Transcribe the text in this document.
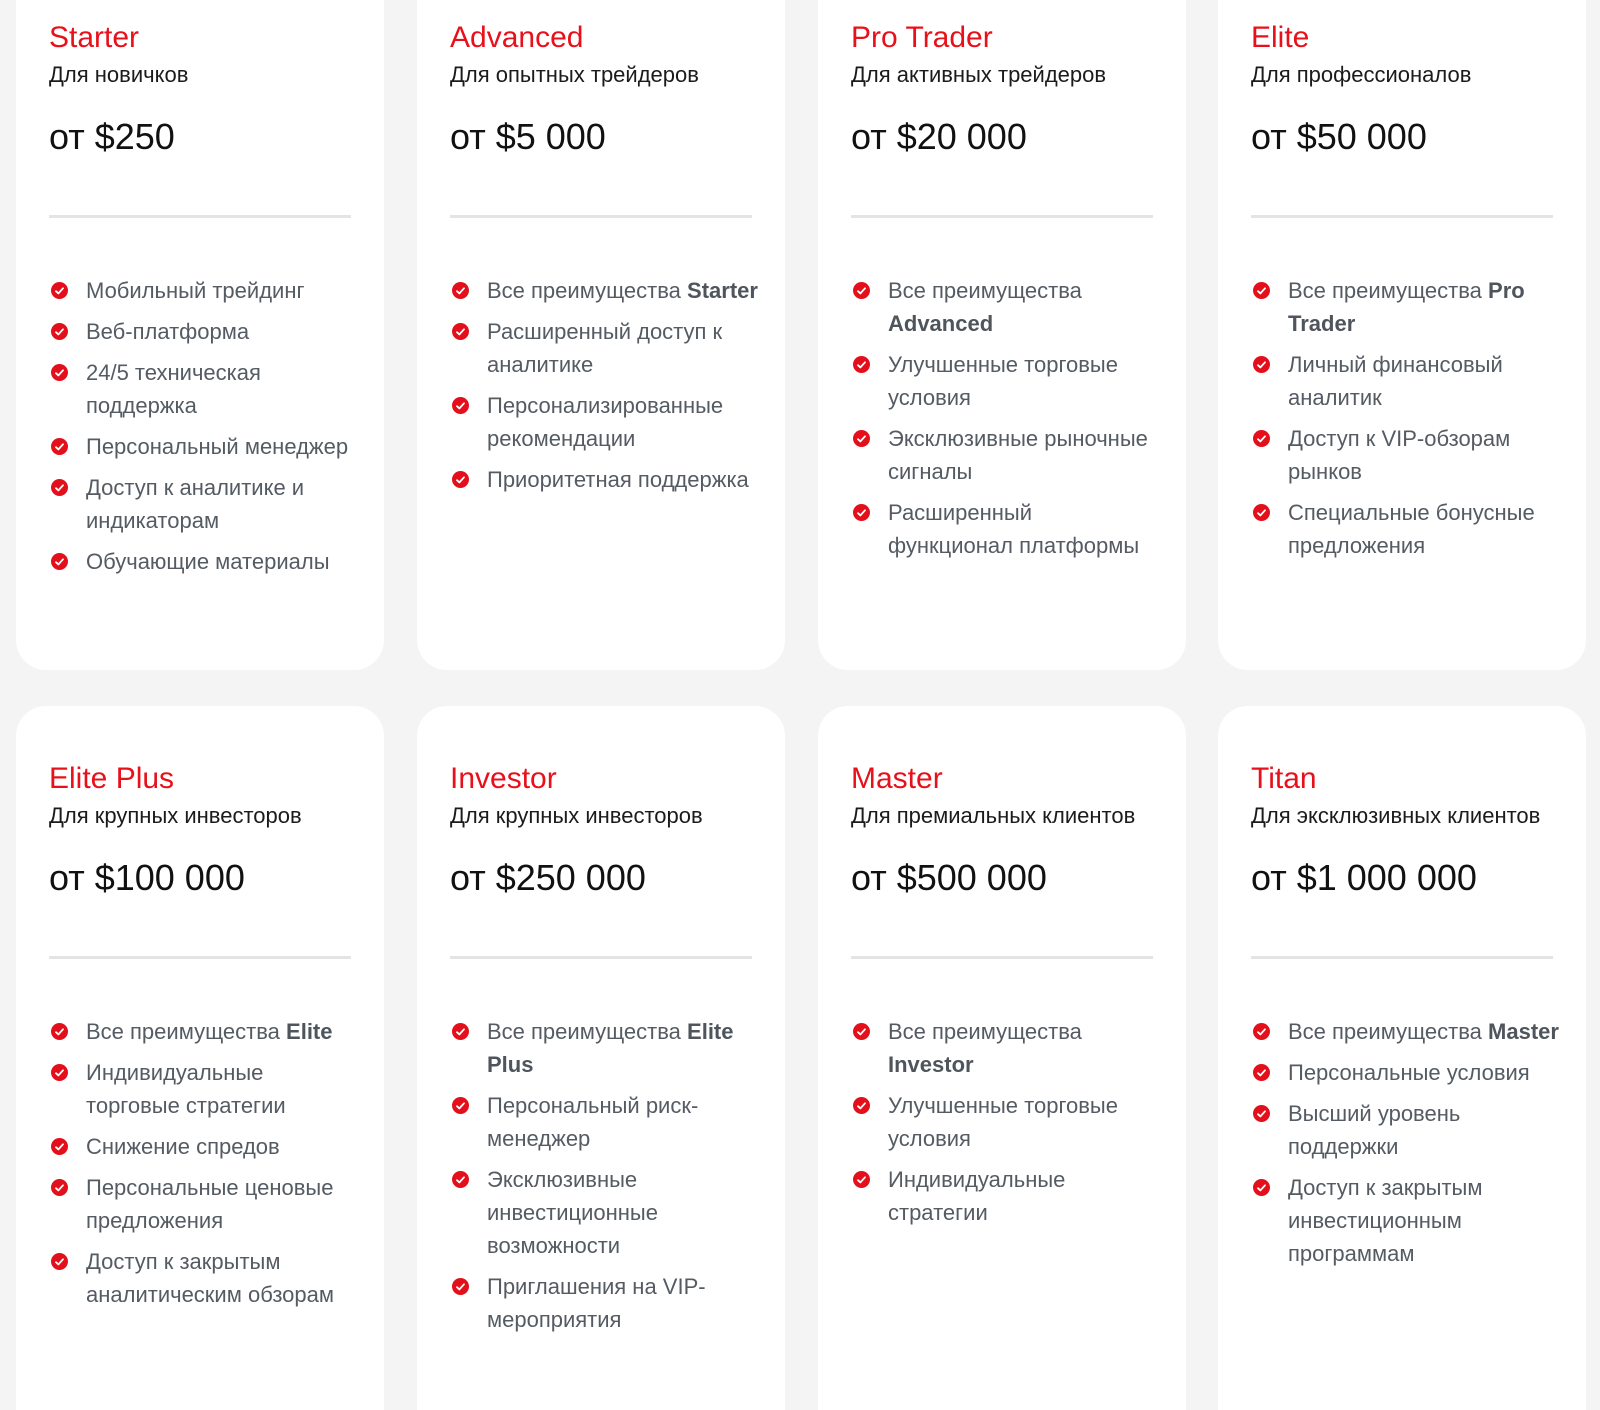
Starter
Для новичков
от $250
Мобильный трейдинг
Веб-платформа
24/5 техническая поддержка
Персональный менеджер
Доступ к аналитике и индикаторам
Обучающие материалы
Advanced
Для опытных трейдеров
от $5 000
Все преимущества Starter
Расширенный доступ к аналитике
Персонализированные рекомендации
Приоритетная поддержка
Pro Trader
Для активных трейдеров
от $20 000
Все преимущества Advanced
Улучшенные торговые условия
Эксклюзивные рыночные сигналы
Расширенный функционал платформы
Elite
Для профессионалов
от $50 000
Все преимущества Pro Trader
Личный финансовый аналитик
Доступ к VIP-обзорам рынков
Специальные бонусные предложения
Elite Plus
Для крупных инвесторов
от $100 000
Все преимущества Elite
Индивидуальные торговые стратегии
Снижение спредов
Персональные ценовые предложения
Доступ к закрытым аналитическим обзорам
Investor
Для крупных инвесторов
от $250 000
Все преимущества Elite Plus
Персональный риск-менеджер
Эксклюзивные инвестиционные возможности
Приглашения на VIP-мероприятия
Master
Для премиальных клиентов
от $500 000
Все преимущества Investor
Улучшенные торговые условия
Индивидуальные стратегии
Titan
Для эксклюзивных клиентов
от $1 000 000
Все преимущества Master
Персональные условия
Высший уровень поддержки
Доступ к закрытым инвестиционным программам
